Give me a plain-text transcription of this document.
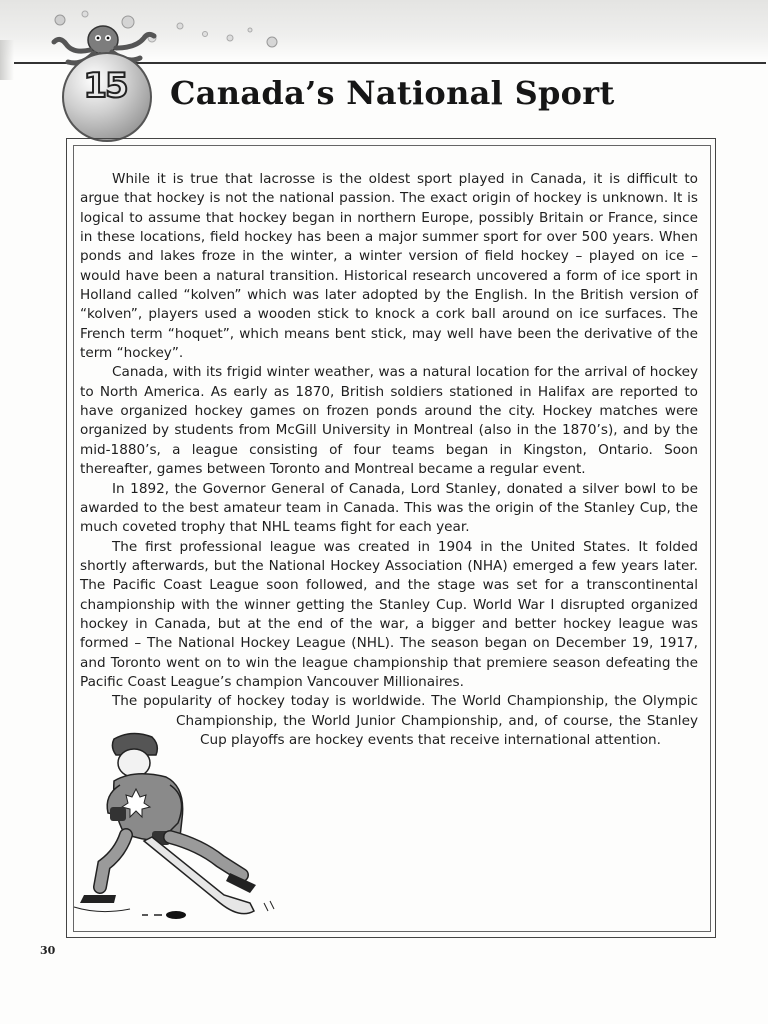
15	Canada’s National Sport

While it is true that lacrosse is the oldest sport played in Canada, it is difficult to argue that hockey is not the national passion. The exact origin of hockey is unknown. It is logical to assume that hockey began in northern Europe, possibly Britain or France, since in these locations, field hockey has been a major summer sport for over 500 years. When ponds and lakes froze in the winter, a winter version of field hockey – played on ice – would have been a natural transition. Historical research uncovered a form of ice sport in Holland called “kolven” which was later adopted by the English. In the British version of “kolven”, players used a wooden stick to knock a cork ball around on ice surfaces. The French term “hoquet”, which means bent stick, may well have been the derivative of the term “hockey”.

Canada, with its frigid winter weather, was a natural location for the arrival of hockey to North America. As early as 1870, British soldiers stationed in Halifax are reported to have organized hockey games on frozen ponds around the city. Hockey matches were organized by students from McGill University in Montreal (also in the 1870’s), and by the mid-1880’s, a league consisting of four teams began in Kingston, Ontario. Soon thereafter, games between Toronto and Montreal became a regular event.

In 1892, the Governor General of Canada, Lord Stanley, donated a silver bowl to be awarded to the best amateur team in Canada. This was the origin of the Stanley Cup, the much coveted trophy that NHL teams fight for each year.

The first professional league was created in 1904 in the United States. It folded shortly afterwards, but the National Hockey Association (NHA) emerged a few years later. The Pacific Coast League soon followed, and the stage was set for a transcontinental championship with the winner getting the Stanley Cup. World War I disrupted organized hockey in Canada, but at the end of the war, a bigger and better hockey league was formed – The National Hockey League (NHL). The season began on December 19, 1917, and Toronto went on to win the league championship that premiere season defeating the Pacific Coast League’s champion Vancouver Millionaires.

The popularity of hockey today is worldwide. The World Championship, the Olympic Championship, the World Junior Championship, and, of course, the Stanley Cup playoffs are hockey events that receive international attention.

30
